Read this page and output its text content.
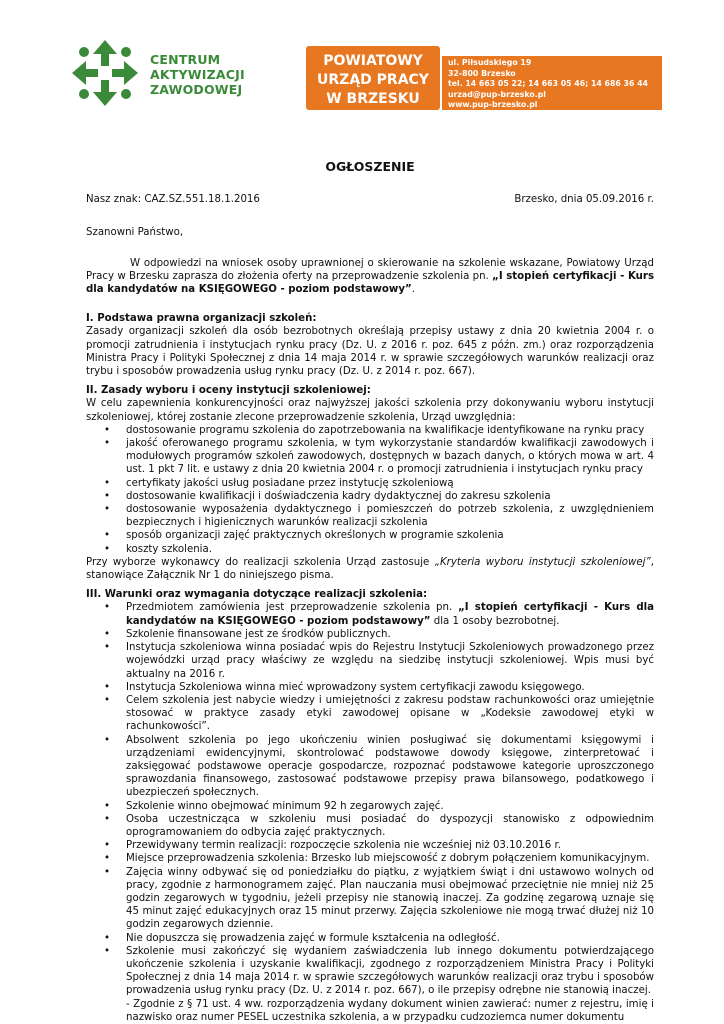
CENTRUM
AKTYWIZACJI
ZAWODOWEJ
POWIATOWY
URZĄD PRACY
W BRZESKU
ul. Piłsudskiego 19
32-800 Brzesko
tel. 14 663 05 22; 14 663 05 46; 14 686 36 44
urzad@pup-brzesko.pl
www.pup-brzesko.pl
OGŁOSZENIE
Nasz znak: CAZ.SZ.551.18.1.2016	Brzesko, dnia 05.09.2016 r.
Szanowni Państwo,

W odpowiedzi na wniosek osoby uprawnionej o skierowanie na szkolenie wskazane, Powiatowy Urząd Pracy w Brzesku zaprasza do złożenia oferty na przeprowadzenie szkolenia pn. „I stopień certyfikacji - Kurs dla kandydatów na KSIĘGOWEGO - poziom podstawowy”.

I. Podstawa prawna organizacji szkoleń:

Zasady organizacji szkoleń dla osób bezrobotnych określają przepisy ustawy z dnia 20 kwietnia 2004 r. o promocji zatrudnienia i instytucjach rynku pracy (Dz. U. z 2016 r. poz. 645 z późn. zm.) oraz rozporządzenia Ministra Pracy i Polityki Społecznej z dnia 14 maja 2014 r. w sprawie szczegółowych warunków realizacji oraz trybu i sposobów prowadzenia usług rynku pracy (Dz. U. z 2014 r. poz. 667).

II. Zasady wyboru i oceny instytucji szkoleniowej:

W celu zapewnienia konkurencyjności oraz najwyższej jakości szkolenia przy dokonywaniu wyboru instytucji szkoleniowej, której zostanie zlecone przeprowadzenie szkolenia, Urząd uwzględnia:

• dostosowanie programu szkolenia do zapotrzebowania na kwalifikacje identyfikowane na rynku pracy
• jakość oferowanego programu szkolenia, w tym wykorzystanie standardów kwalifikacji zawodowych i modułowych programów szkoleń zawodowych, dostępnych w bazach danych, o których mowa w art. 4 ust. 1 pkt 7 lit. e ustawy z dnia 20 kwietnia 2004 r. o promocji zatrudnienia i instytucjach rynku pracy
• certyfikaty jakości usług posiadane przez instytucję szkoleniową
• dostosowanie kwalifikacji i doświadczenia kadry dydaktycznej do zakresu szkolenia
• dostosowanie wyposażenia dydaktycznego i pomieszczeń do potrzeb szkolenia, z uwzględnieniem bezpiecznych i higienicznych warunków realizacji szkolenia
• sposób organizacji zajęć praktycznych określonych w programie szkolenia
• koszty szkolenia.

Przy wyborze wykonawcy do realizacji szkolenia Urząd zastosuje „Kryteria wyboru instytucji szkoleniowej”, stanowiące Załącznik Nr 1 do niniejszego pisma.

III. Warunki oraz wymagania dotyczące realizacji szkolenia:
• Przedmiotem zamówienia jest przeprowadzenie szkolenia pn. „I stopień certyfikacji - Kurs dla kandydatów na KSIĘGOWEGO - poziom podstawowy” dla 1 osoby bezrobotnej.
• Szkolenie finansowane jest ze środków publicznych.
• Instytucja szkoleniowa winna posiadać wpis do Rejestru Instytucji Szkoleniowych prowadzonego przez wojewódzki urząd pracy właściwy ze względu na siedzibę instytucji szkoleniowej. Wpis musi być aktualny na 2016 r.
• Instytucja Szkoleniowa winna mieć wprowadzony system certyfikacji zawodu księgowego.
• Celem szkolenia jest nabycie wiedzy i umiejętności z zakresu podstaw rachunkowości oraz umiejętnie stosować w praktyce zasady etyki zawodowej opisane w „Kodeksie zawodowej etyki w rachunkowości”.
• Absolwent szkolenia po jego ukończeniu winien posługiwać się dokumentami księgowymi i urządzeniami ewidencyjnymi, skontrolować podstawowe dowody księgowe, zinterpretować i zaksięgować podstawowe operacje gospodarcze, rozpoznać podstawowe kategorie uproszczonego sprawozdania finansowego, zastosować podstawowe przepisy prawa bilansowego, podatkowego i ubezpieczeń społecznych.
• Szkolenie winno obejmować minimum 92 h zegarowych zajęć.
• Osoba uczestnicząca w szkoleniu musi posiadać do dyspozycji stanowisko z odpowiednim oprogramowaniem do odbycia zajęć praktycznych.
• Przewidywany termin realizacji: rozpoczęcie szkolenia nie wcześniej niż 03.10.2016 r.
• Miejsce przeprowadzenia szkolenia: Brzesko lub miejscowość z dobrym połączeniem komunikacyjnym.
• Zajęcia winny odbywać się od poniedziałku do piątku, z wyjątkiem świąt i dni ustawowo wolnych od pracy, zgodnie z harmonogramem zajęć. Plan nauczania musi obejmować przeciętnie nie mniej niż 25 godzin zegarowych w tygodniu, jeżeli przepisy nie stanowią inaczej. Za godzinę zegarową uznaje się 45 minut zajęć edukacyjnych oraz 15 minut przerwy. Zajęcia szkoleniowe nie mogą trwać dłużej niż 10 godzin zegarowych dziennie.
• Nie dopuszcza się prowadzenia zajęć w formule kształcenia na odległość.
• Szkolenie musi zakończyć się wydaniem zaświadczenia lub innego dokumentu potwierdzającego ukończenie szkolenia i uzyskanie kwalifikacji, zgodnego z rozporządzeniem Ministra Pracy i Polityki Społecznej z dnia 14 maja 2014 r. w sprawie szczegółowych warunków realizacji oraz trybu i sposobów prowadzenia usług rynku pracy (Dz. U. z 2014 r. poz. 667), o ile przepisy odrębne nie stanowią inaczej.

- Zgodnie z § 71 ust. 4 ww. rozporządzenia wydany dokument winien zawierać: numer z rejestru, imię i nazwisko oraz numer PESEL uczestnika szkolenia, a w przypadku cudzoziemca numer dokumentu
